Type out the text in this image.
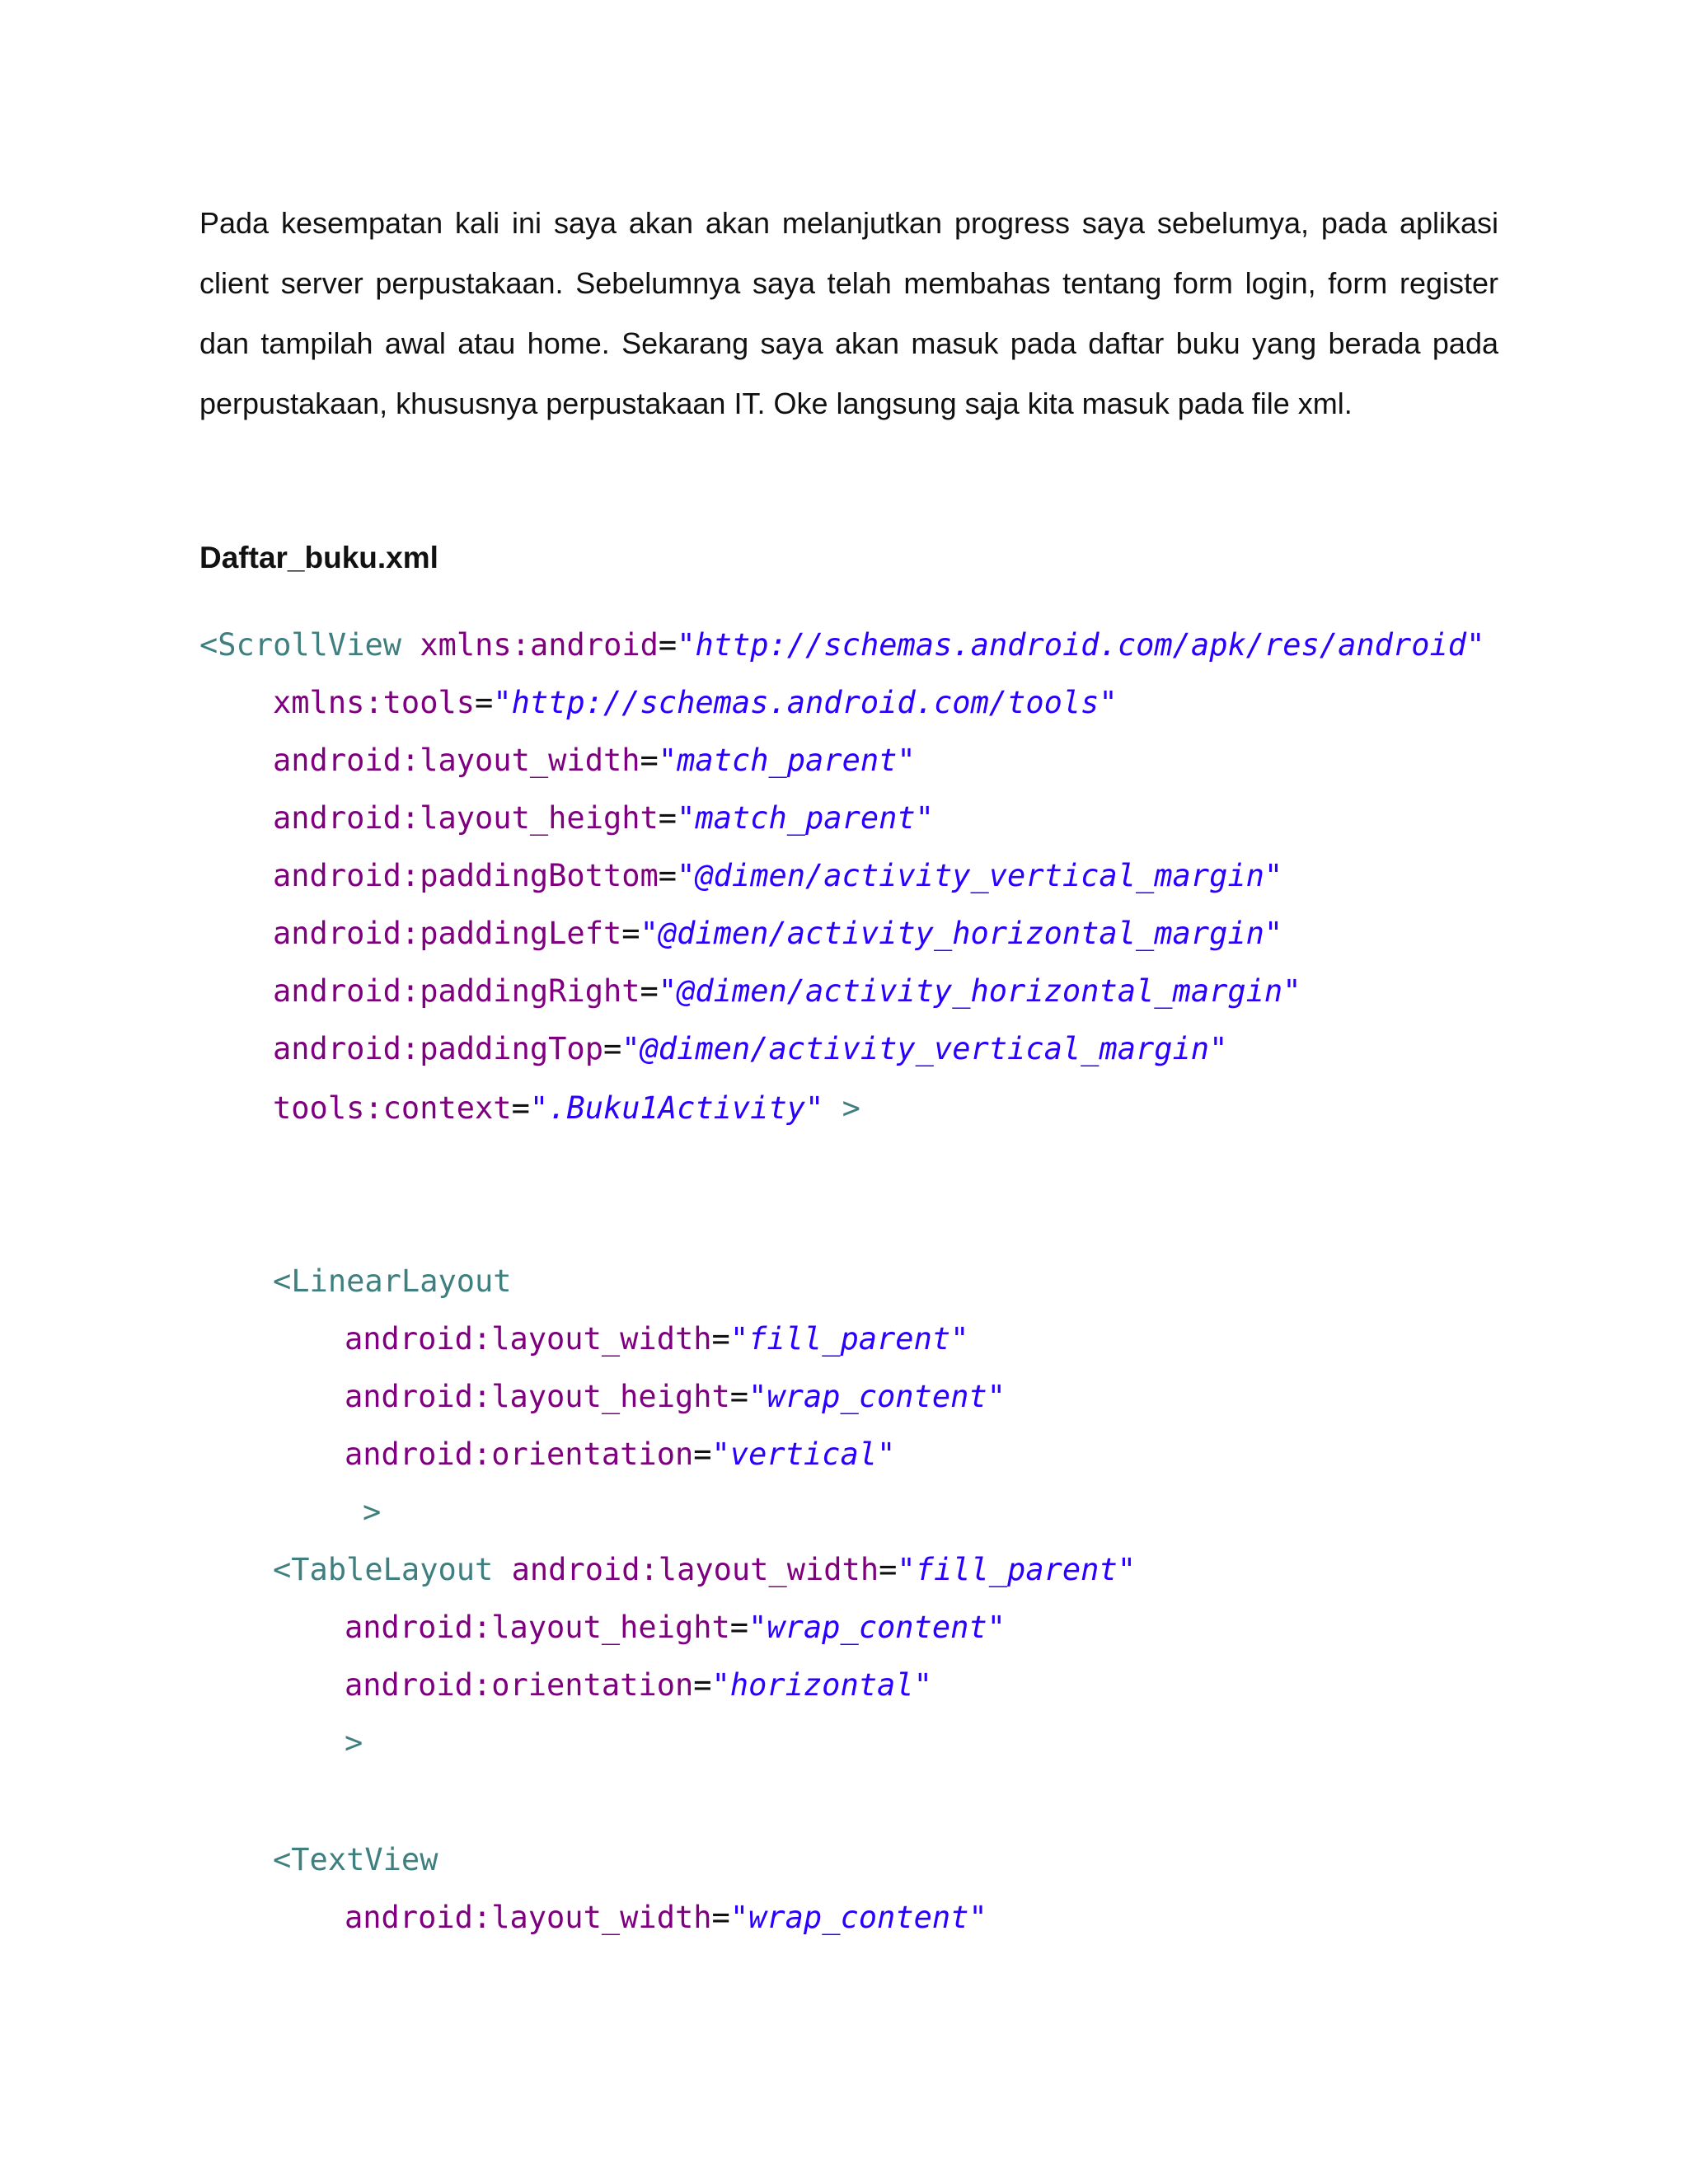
Pada kesempatan kali ini saya akan akan melanjutkan progress saya sebelumya, pada aplikasi client server perpustakaan. Sebelumnya saya telah membahas tentang form login, form register dan tampilah awal atau home. Sekarang saya akan masuk pada daftar buku yang berada pada perpustakaan, khususnya perpustakaan IT. Oke langsung saja kita masuk pada file xml.

Daftar_buku.xml

<ScrollView xmlns:android="http://schemas.android.com/apk/res/android"

xmlns:tools="http://schemas.android.com/tools"

android:layout_width="match_parent"

android:layout_height="match_parent"

android:paddingBottom="@dimen/activity_vertical_margin"

android:paddingLeft="@dimen/activity_horizontal_margin"

android:paddingRight="@dimen/activity_horizontal_margin"

android:paddingTop="@dimen/activity_vertical_margin"

tools:context=".Buku1Activity" >

<LinearLayout

android:layout_width="fill_parent"

android:layout_height="wrap_content"

android:orientation="vertical"

>

<TableLayout android:layout_width="fill_parent"

android:layout_height="wrap_content"

android:orientation="horizontal"

>

<TextView

android:layout_width="wrap_content"
